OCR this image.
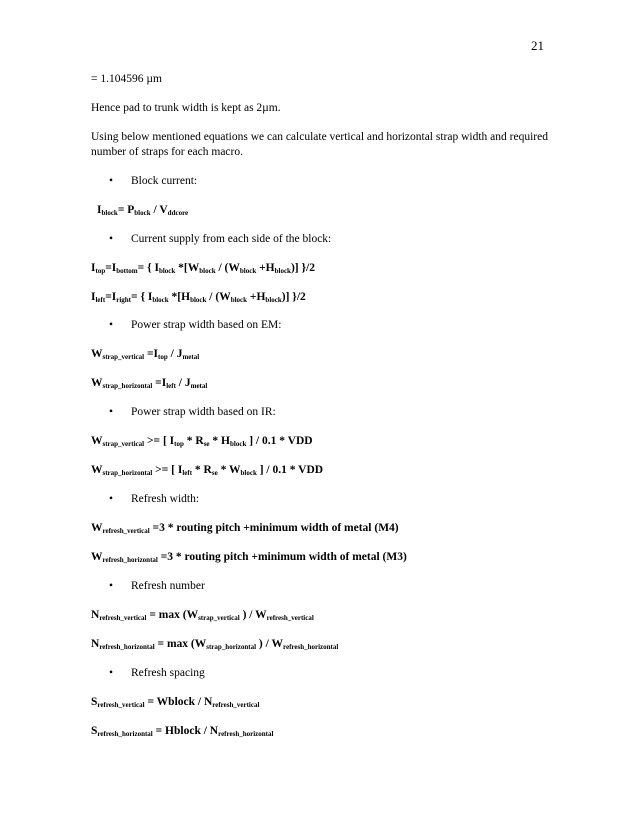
21

= 1.104596 µm

Hence pad to trunk width is kept as 2µm.

Using below mentioned equations we can calculate vertical and horizontal strap width and required number of straps for each macro.

• Block current:
$I_{block}= P_{block} / V_{ddcore}$
• Current supply from each side of the block:
$I_{top}=I_{bottom}=$ { $I_{block}$ $*[W_{block} / (W_{block} +H_{block})]$ }/2
$I_{left}=I_{right}=$ { $I_{block}$ $*[H_{block} / (W_{block} +H_{block})]$ }/2
• Power strap width based on EM:
$W_{strap\_vertical} =I_{top} / J_{metal}$
$W_{strap\_horizontal} =I_{left} / J_{metal}$
• Power strap width based on IR:
$W_{strap\_vertical}$ >= [ $I_{top} * R_{se} * H_{block}$ ] / 0.1 * VDD
$W_{strap\_horizontal}$ >= [ $I_{left} * R_{se} * W_{block}$ ] / 0.1 * VDD
• Refresh width:
$W_{refresh\_vertical} =3$ * routing pitch +minimum width of metal (M4)
$W_{refresh\_horizontal} =3$ * routing pitch +minimum width of metal (M3)
• Refresh number
$N_{refresh\_vertical} = \max (W_{strap\_vertical}$ ) / $W_{refresh\_vertical}$
$N_{refresh\_horizontal} = \max (W_{strap\_horizontal}$ ) / $W_{refresh\_horizontal}$
• Refresh spacing
$S_{refresh\_vertical}$ = Wblock / $N_{refresh\_vertical}$
$S_{refresh\_horizontal}$ = Hblock / $N_{refresh\_horizontal}$
